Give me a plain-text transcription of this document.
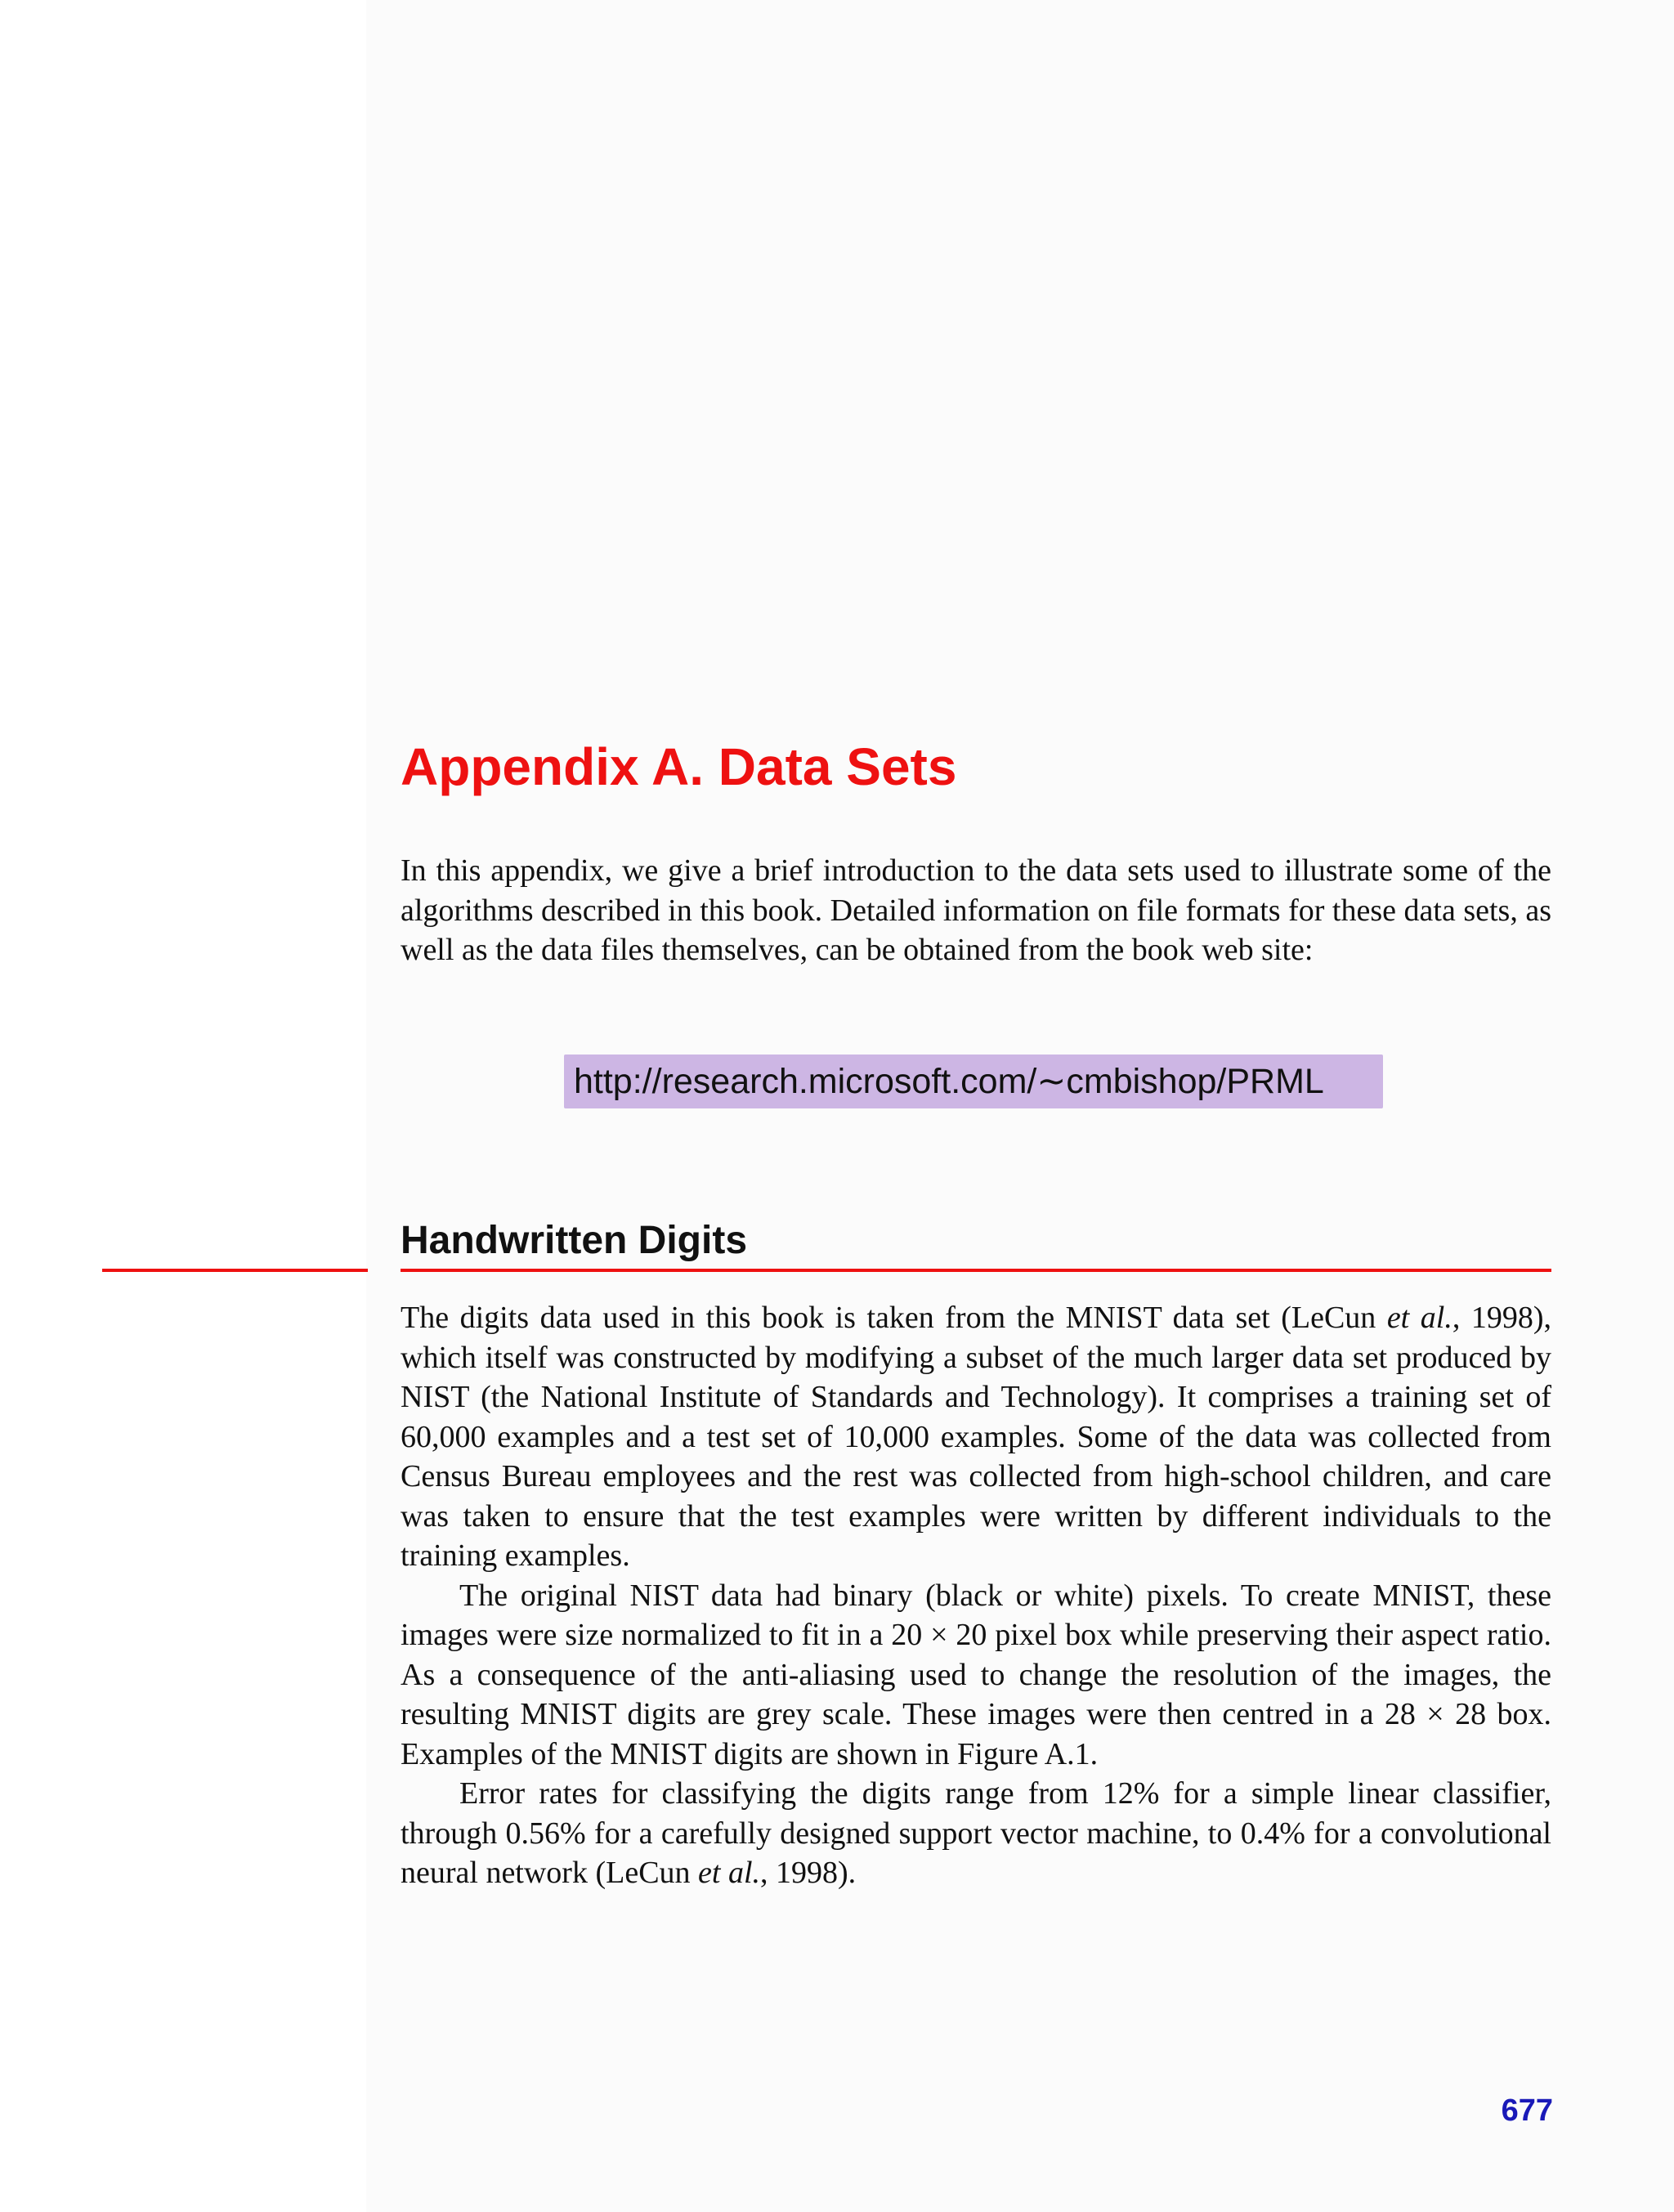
Appendix A. Data Sets

In this appendix, we give a brief introduction to the data sets used to illustrate some of the algorithms described in this book. Detailed information on file formats for these data sets, as well as the data files themselves, can be obtained from the book web site:

http://research.microsoft.com/∼cmbishop/PRML
Handwritten Digits

The digits data used in this book is taken from the MNIST data set (LeCun et al., 1998), which itself was constructed by modifying a subset of the much larger data set produced by NIST (the National Institute of Standards and Technology). It comprises a training set of 60,000 examples and a test set of 10,000 examples. Some of the data was collected from Census Bureau employees and the rest was collected from high-school children, and care was taken to ensure that the test examples were written by different individuals to the training examples.

The original NIST data had binary (black or white) pixels. To create MNIST, these images were size normalized to fit in a 20 × 20 pixel box while preserving their aspect ratio. As a consequence of the anti-aliasing used to change the resolution of the images, the resulting MNIST digits are grey scale. These images were then centred in a 28 × 28 box. Examples of the MNIST digits are shown in Figure A.1.

Error rates for classifying the digits range from 12% for a simple linear classifier, through 0.56% for a carefully designed support vector machine, to 0.4% for a convolutional neural network (LeCun et al., 1998).

677
